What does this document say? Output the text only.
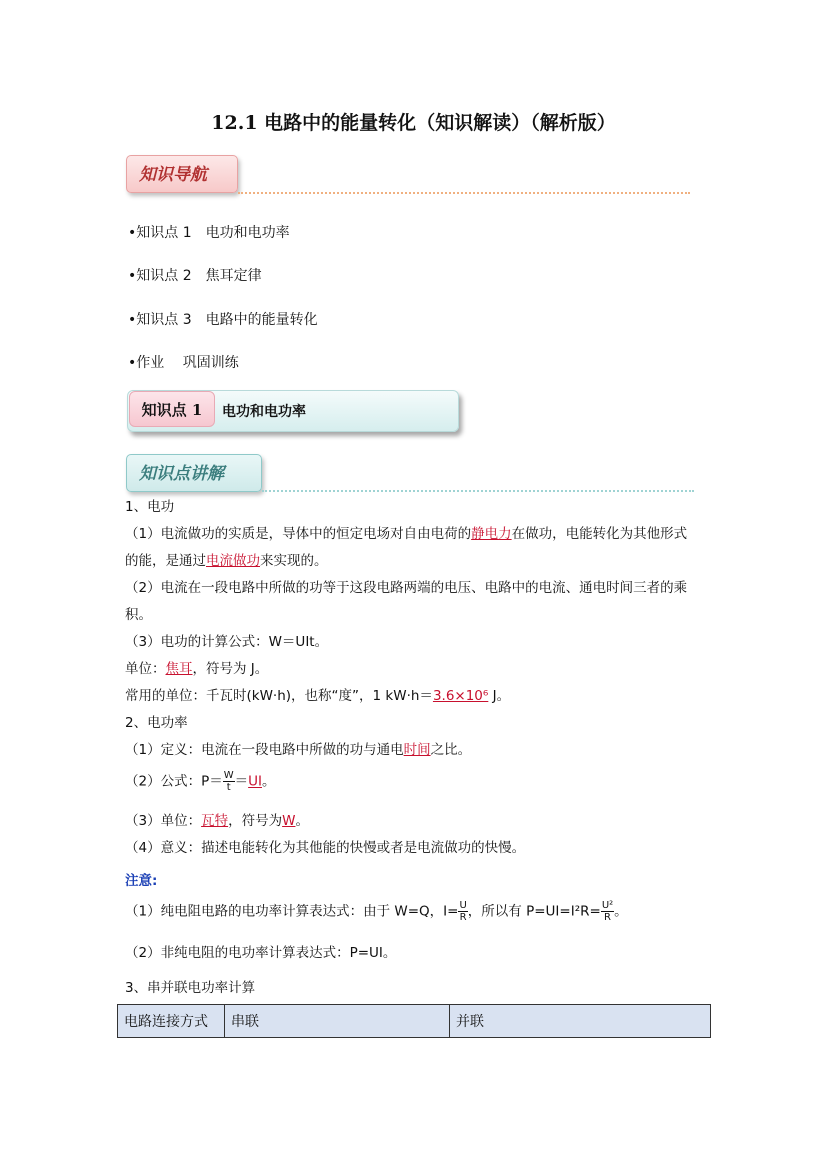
12.1 电路中的能量转化（知识解读）（解析版）
知识导航
•知识点 1　电功和电功率
•知识点 2　焦耳定律
•知识点 3　电路中的能量转化
•作业　 巩固训练
知识点 1	电功和电功率
知识点讲解
1、电功
（1）电流做功的实质是，导体中的恒定电场对自由电荷的静电力在做功，电能转化为其他形式
的能，是通过电流做功来实现的。
（2）电流在一段电路中所做的功等于这段电路两端的电压、电路中的电流、通电时间三者的乘
积。
（3）电功的计算公式：W＝UIt。
单位：焦耳，符号为 J。
常用的单位：千瓦时(kW·h)，也称“度”，1 kW·h＝3.6×10⁶ J。
2、电功率
（1）定义：电流在一段电路中所做的功与通电时间之比。
（2）公式：$P= \frac{W}{t} =UI$。
（3）单位：瓦特，符号为W。
（4）意义：描述电能转化为其他能的快慢或者是电流做功的快慢。
注意:
（1）纯电阻电路的电功率计算表达式：由于 W=Q，$I= \frac{U}{R}$ ，所以有 $P=UI=I^2R= \frac{\text{U²}}{R}$ 。
（2）非纯电阻的电功率计算表达式：P=UI。
3、串并联电功率计算
电路连接方式	串联	并联
